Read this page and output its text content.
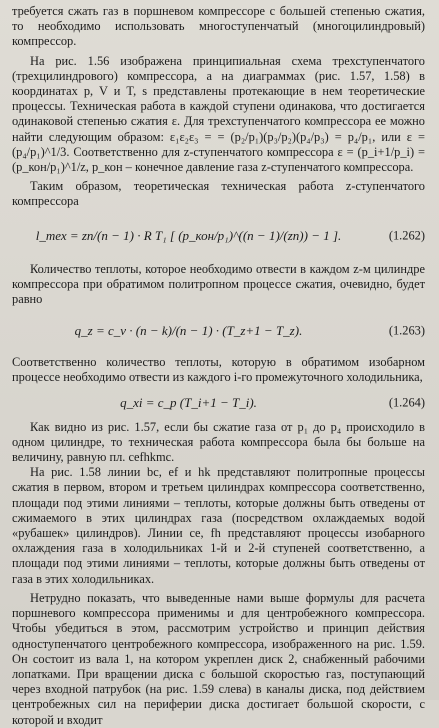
требуется сжать газ в поршневом компрессоре с большей степенью сжатия, то необходимо использовать многоступенчатый (многоцилиндровый) компрессор.

На рис. 1.56 изображена принципиальная схема трехступенчатого (трехцилиндрового) компрессора, а на диаграммах (рис. 1.57, 1.58) в координатах p, V и T, s представлены протекающие в нем теоретические процессы. Техническая работа в каждой ступени одинакова, что достигается одинаковой степенью сжатия ε. Для трехступенчатого компрессора ее можно найти следующим образом: ε₁ε₂ε₃ = = (p₂/p₁)(p₃/p₂)(p₄/p₃) = p₄/p₁, или ε = (p₄/p₁)^1/3. Соответственно для z-ступенчатого компрессора ε = (p_i+1/p_i) = (p_кон/p₁)^1/z, p_кон – конечное давление газа z-ступенчатого компрессора.

Таким образом, теоретическая техническая работа z-ступенчатого компрессора

l_тех = zn/(n − 1) · R T₁ [ (p_кон/p₁)^((n − 1)/(zn)) − 1 ].	(1.262)

Количество теплоты, которое необходимо отвести в каждом z-м цилиндре компрессора при обратимом политропном процессе сжатия, очевидно, будет равно

q_z = c_v · (n − k)/(n − 1) · (T_z+1 − T_z).	(1.263)

Соответственно количество теплоты, которую в обратимом изобарном процессе необходимо отвести из каждого i-го промежуточного холодильника,

q_xi = c_p (T_i+1 − T_i).	(1.264)

Как видно из рис. 1.57, если бы сжатие газа от p₁ до p₄ происходило в одном цилиндре, то техническая работа компрессора была бы больше на величину, равную пл. cefhkmc.

На рис. 1.58 линии bc, ef и hk представляют политропные процессы сжатия в первом, втором и третьем цилиндрах компрессора соответственно, площади под этими линиями – теплоты, которые должны быть отведены от сжимаемого в этих цилиндрах газа (посредством охлаждаемых водой «рубашек» цилиндров). Линии ce, fh представляют процессы изобарного охлаждения газа в холодильниках 1-й и 2-й ступеней соответственно, а площади под этими линиями – теплоты, которые должны быть отведены от газа в этих холодильниках.

Нетрудно показать, что выведенные нами выше формулы для расчета поршневого компрессора применимы и для центробежного компрессора. Чтобы убедиться в этом, рассмотрим устройство и принцип действия одноступенчатого центробежного компрессора, изображенного на рис. 1.59. Он состоит из вала 1, на котором укреплен диск 2, снабженный рабочими лопатками. При вращении диска с большой скоростью газ, поступающий через входной патрубок (на рис. 1.59 слева) в каналы диска, под действием центробежных сил на периферии диска достигает большой скорости, с которой и входит
